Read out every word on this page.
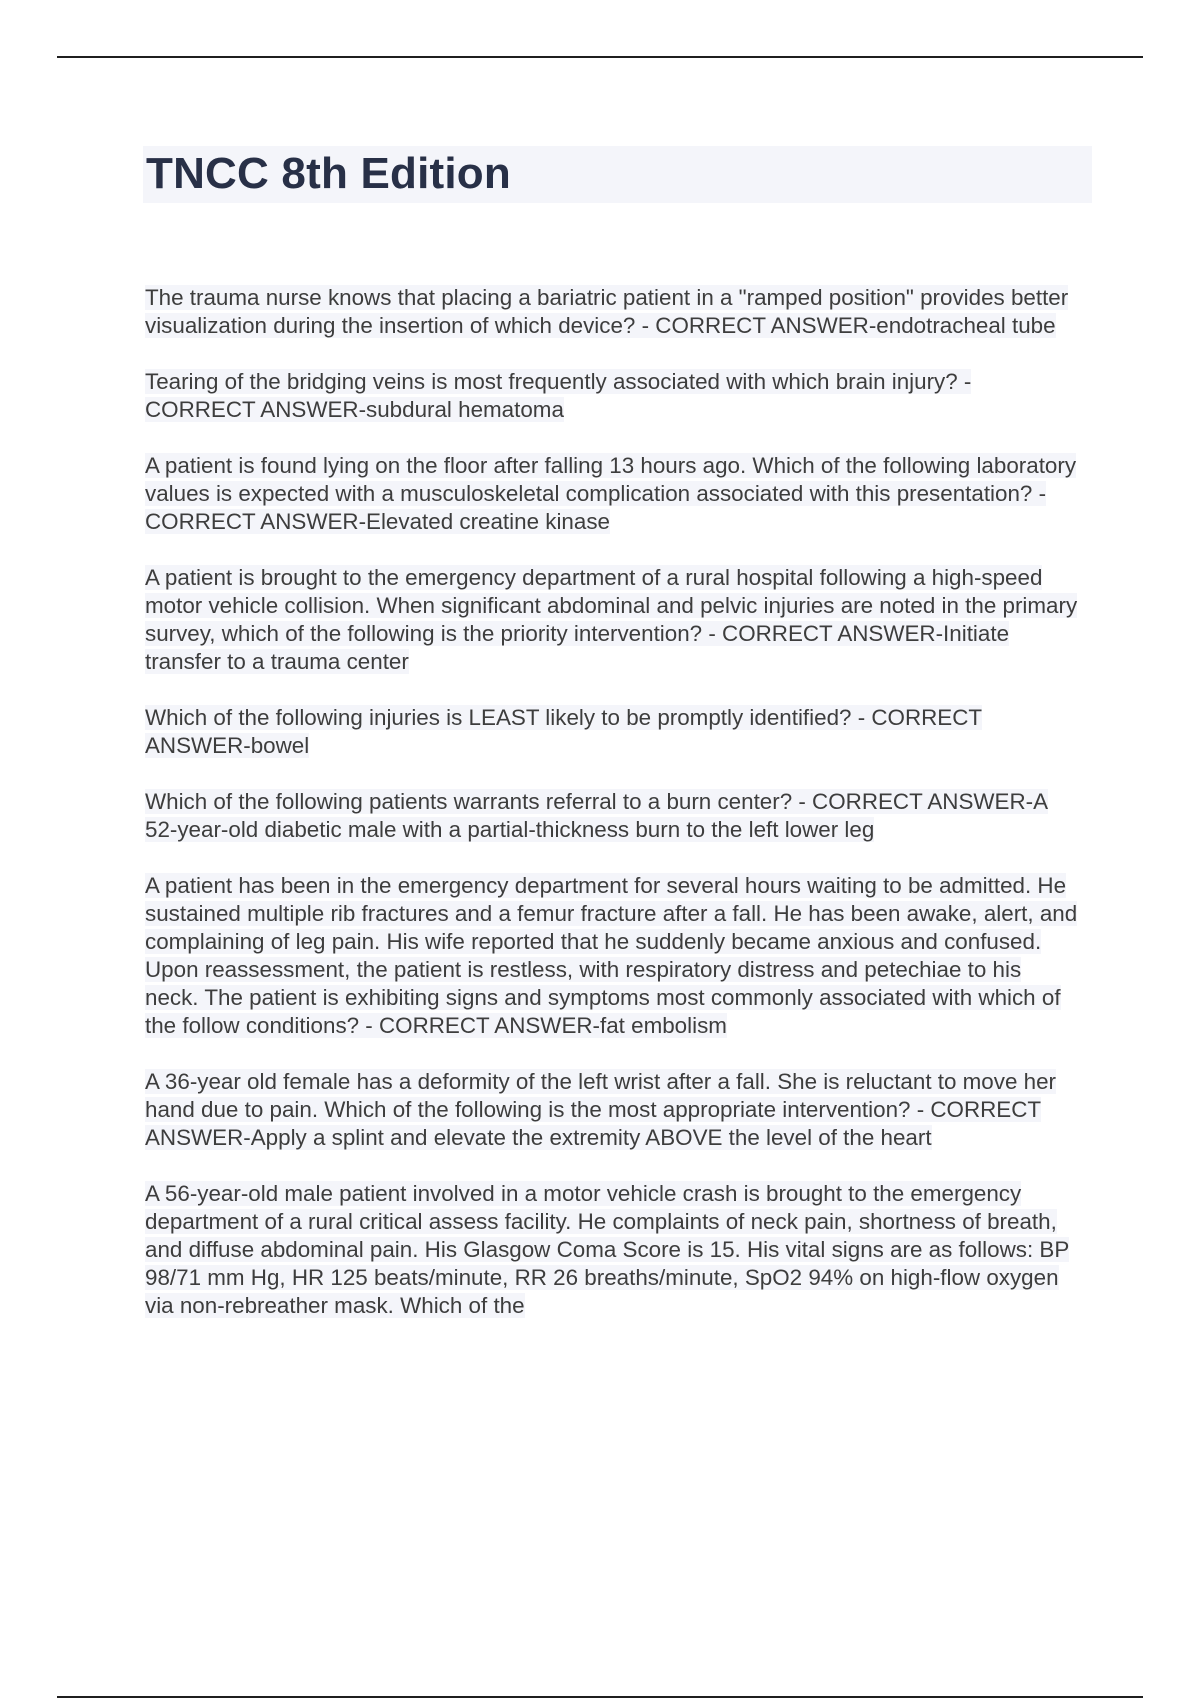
TNCC 8th Edition

The trauma nurse knows that placing a bariatric patient in a "ramped position" provides better visualization during the insertion of which device? - CORRECT ANSWER-endotracheal tube

Tearing of the bridging veins is most frequently associated with which brain injury? - CORRECT ANSWER-subdural hematoma

A patient is found lying on the floor after falling 13 hours ago. Which of the following laboratory values is expected with a musculoskeletal complication associated with this presentation? - CORRECT ANSWER-Elevated creatine kinase

A patient is brought to the emergency department of a rural hospital following a high-speed motor vehicle collision. When significant abdominal and pelvic injuries are noted in the primary survey, which of the following is the priority intervention? - CORRECT ANSWER-Initiate transfer to a trauma center

Which of the following injuries is LEAST likely to be promptly identified? - CORRECT ANSWER-bowel

Which of the following patients warrants referral to a burn center? - CORRECT ANSWER-A 52-year-old diabetic male with a partial-thickness burn to the left lower leg

A patient has been in the emergency department for several hours waiting to be admitted. He sustained multiple rib fractures and a femur fracture after a fall. He has been awake, alert, and complaining of leg pain. His wife reported that he suddenly became anxious and confused. Upon reassessment, the patient is restless, with respiratory distress and petechiae to his neck. The patient is exhibiting signs and symptoms most commonly associated with which of the follow conditions? - CORRECT ANSWER-fat embolism

A 36-year old female has a deformity of the left wrist after a fall. She is reluctant to move her hand due to pain. Which of the following is the most appropriate intervention? - CORRECT ANSWER-Apply a splint and elevate the extremity ABOVE the level of the heart

A 56-year-old male patient involved in a motor vehicle crash is brought to the emergency department of a rural critical assess facility. He complaints of neck pain, shortness of breath, and diffuse abdominal pain. His Glasgow Coma Score is 15. His vital signs are as follows: BP 98/71 mm Hg, HR 125 beats/minute, RR 26 breaths/minute, SpO2 94% on high-flow oxygen via non-rebreather mask. Which of the
